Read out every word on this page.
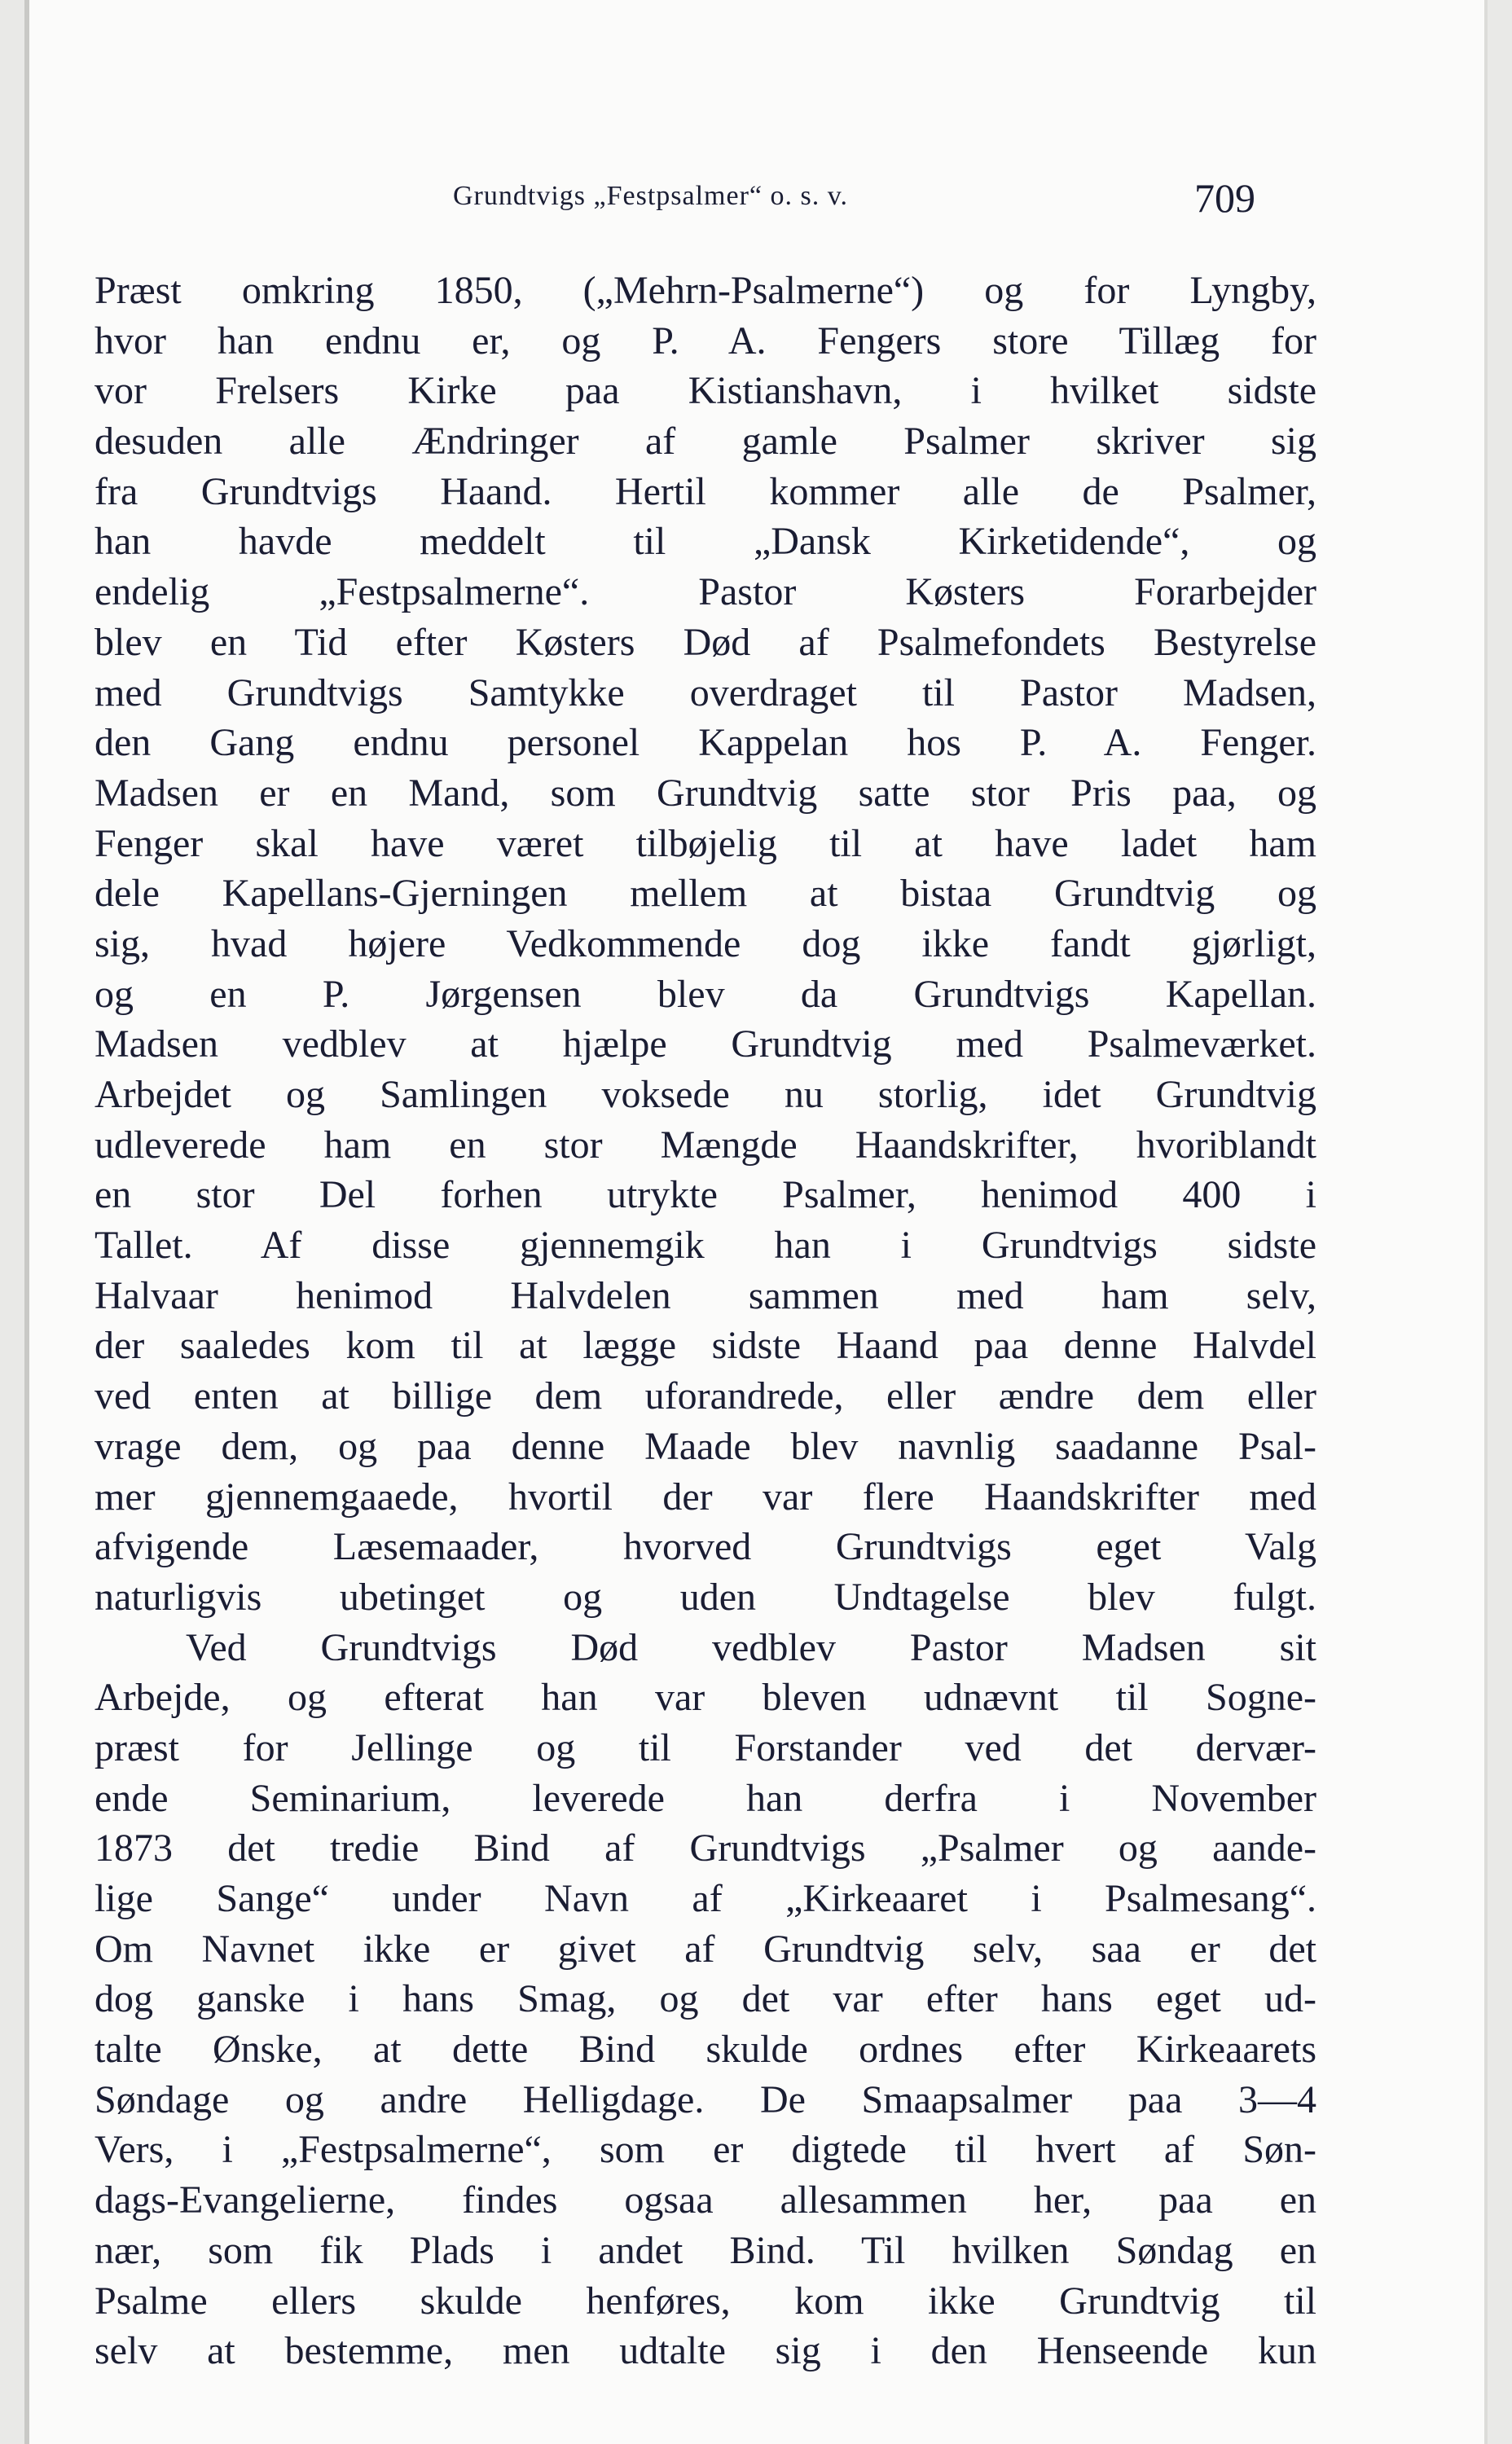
Grundtvigs „Festpsalmer“ o. s. v.	709
Præst omkring 1850, („Mehrn-Psalmerne“) og for Lyngby,
hvor han endnu er, og P. A. Fengers store Tillæg for
vor Frelsers Kirke paa Kistianshavn, i hvilket sidste
desuden alle Ændringer af gamle Psalmer skriver sig
fra Grundtvigs Haand. Hertil kommer alle de Psalmer,
han havde meddelt til „Dansk Kirketidende“, og
endelig „Festpsalmerne“. Pastor Køsters Forarbejder
blev en Tid efter Køsters Død af Psalmefondets Bestyrelse
med Grundtvigs Samtykke overdraget til Pastor Madsen,
den Gang endnu personel Kappelan hos P. A. Fenger.
Madsen er en Mand, som Grundtvig satte stor Pris paa, og
Fenger skal have været tilbøjelig til at have ladet ham
dele Kapellans-Gjerningen mellem at bistaa Grundtvig og
sig, hvad højere Vedkommende dog ikke fandt gjørligt,
og en P. Jørgensen blev da Grundtvigs Kapellan.
Madsen vedblev at hjælpe Grundtvig med Psalmeværket.
Arbejdet og Samlingen voksede nu storlig, idet Grundtvig
udleverede ham en stor Mængde Haandskrifter, hvoriblandt
en stor Del forhen utrykte Psalmer, henimod 400 i
Tallet. Af disse gjennemgik han i Grundtvigs sidste
Halvaar henimod Halvdelen sammen med ham selv,
der saaledes kom til at lægge sidste Haand paa denne Halvdel
ved enten at billige dem uforandrede, eller ændre dem eller
vrage dem, og paa denne Maade blev navnlig saadanne Psal-
mer gjennemgaaede, hvortil der var flere Haandskrifter med
afvigende Læsemaader, hvorved Grundtvigs eget Valg
naturligvis ubetinget og uden Undtagelse blev fulgt.
Ved Grundtvigs Død vedblev Pastor Madsen sit
Arbejde, og efterat han var bleven udnævnt til Sogne-
præst for Jellinge og til Forstander ved det dervær-
ende Seminarium, leverede han derfra i November
1873 det tredie Bind af Grundtvigs „Psalmer og aande-
lige Sange“ under Navn af „Kirkeaaret i Psalmesang“.
Om Navnet ikke er givet af Grundtvig selv, saa er det
dog ganske i hans Smag, og det var efter hans eget ud-
talte Ønske, at dette Bind skulde ordnes efter Kirkeaarets
Søndage og andre Helligdage. De Smaapsalmer paa 3—4
Vers, i „Festpsalmerne“, som er digtede til hvert af Søn-
dags-Evangelierne, findes ogsaa allesammen her, paa en
nær, som fik Plads i andet Bind. Til hvilken Søndag en
Psalme ellers skulde henføres, kom ikke Grundtvig til
selv at bestemme, men udtalte sig i den Henseende kun
